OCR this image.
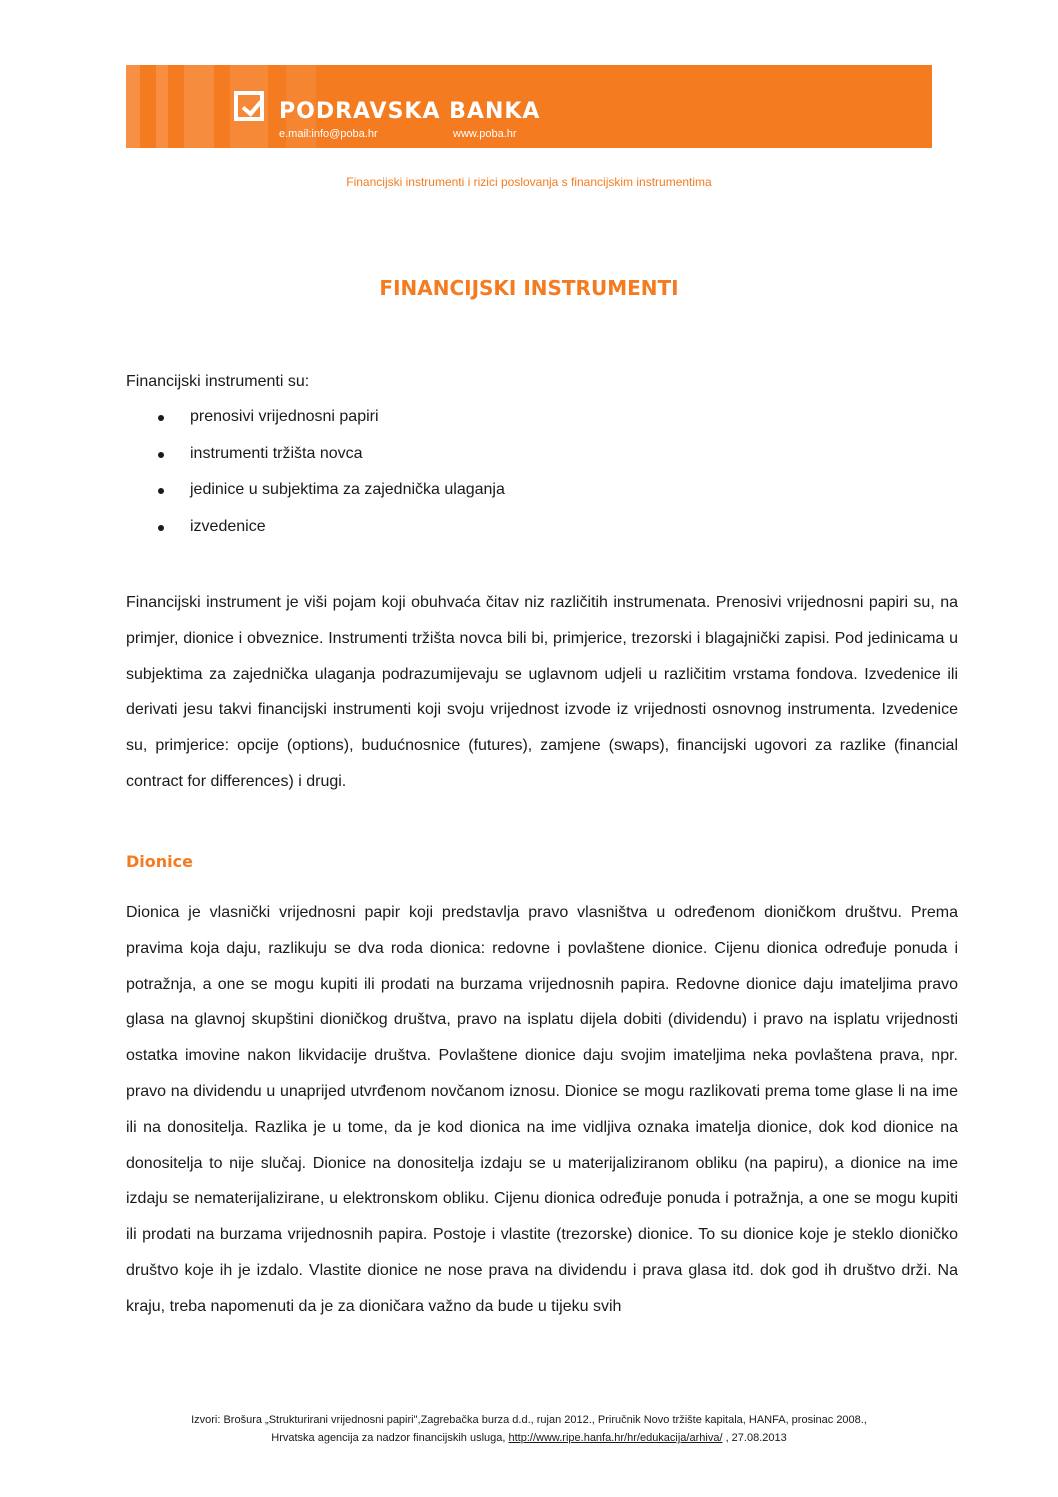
PODRAVSKA BANKA
e.mail:info@poba.hr	www.poba.hr
Financijski instrumenti i rizici poslovanja s financijskim instrumentima
FINANCIJSKI INSTRUMENTI
Financijski instrumenti su:
prenosivi vrijednosni papiri
instrumenti tržišta novca
jedinice u subjektima za zajednička ulaganja
izvedenice

Financijski instrument je viši pojam koji obuhvaća čitav niz različitih instrumenata. Prenosivi vrijednosni papiri su, na primjer, dionice i obveznice. Instrumenti tržišta novca bili bi, primjerice, trezorski i blagajnički zapisi. Pod jedinicama u subjektima za zajednička ulaganja podrazumijevaju se uglavnom udjeli u različitim vrstama fondova. Izvedenice ili derivati jesu takvi financijski instrumenti koji svoju vrijednost izvode iz vrijednosti osnovnog instrumenta. Izvedenice su, primjerice: opcije (options), budućnosnice (futures), zamjene (swaps), financijski ugovori za razlike (financial contract for differences) i drugi.

Dionice

Dionica je vlasnički vrijednosni papir koji predstavlja pravo vlasništva u određenom dioničkom društvu. Prema pravima koja daju, razlikuju se dva roda dionica: redovne i povlaštene dionice. Cijenu dionica određuje ponuda i potražnja, a one se mogu kupiti ili prodati na burzama vrijednosnih papira. Redovne dionice daju imateljima pravo glasa na glavnoj skupštini dioničkog društva, pravo na isplatu dijela dobiti (dividendu) i pravo na isplatu vrijednosti ostatka imovine nakon likvidacije društva. Povlaštene dionice daju svojim imateljima neka povlaštena prava, npr. pravo na dividendu u unaprijed utvrđenom novčanom iznosu. Dionice se mogu razlikovati prema tome glase li na ime ili na donositelja. Razlika je u tome, da je kod dionica na ime vidljiva oznaka imatelja dionice, dok kod dionice na donositelja to nije slučaj. Dionice na donositelja izdaju se u materijaliziranom obliku (na papiru), a dionice na ime izdaju se nematerijalizirane, u elektronskom obliku. Cijenu dionica određuje ponuda i potražnja, a one se mogu kupiti ili prodati na burzama vrijednosnih papira. Postoje i vlastite (trezorske) dionice. To su dionice koje je steklo dioničko društvo koje ih je izdalo. Vlastite dionice ne nose prava na dividendu i prava glasa itd. dok god ih društvo drži. Na kraju, treba napomenuti da je za dioničara važno da bude u tijeku svih

Izvori: Brošura „Strukturirani vrijednosni papiri",Zagrebačka burza d.d., rujan 2012., Priručnik Novo tržište kapitala, HANFA, prosinac 2008.,
Hrvatska agencija za nadzor financijskih usluga, http://www.ripe.hanfa.hr/hr/edukacija/arhiva/ , 27.08.2013
